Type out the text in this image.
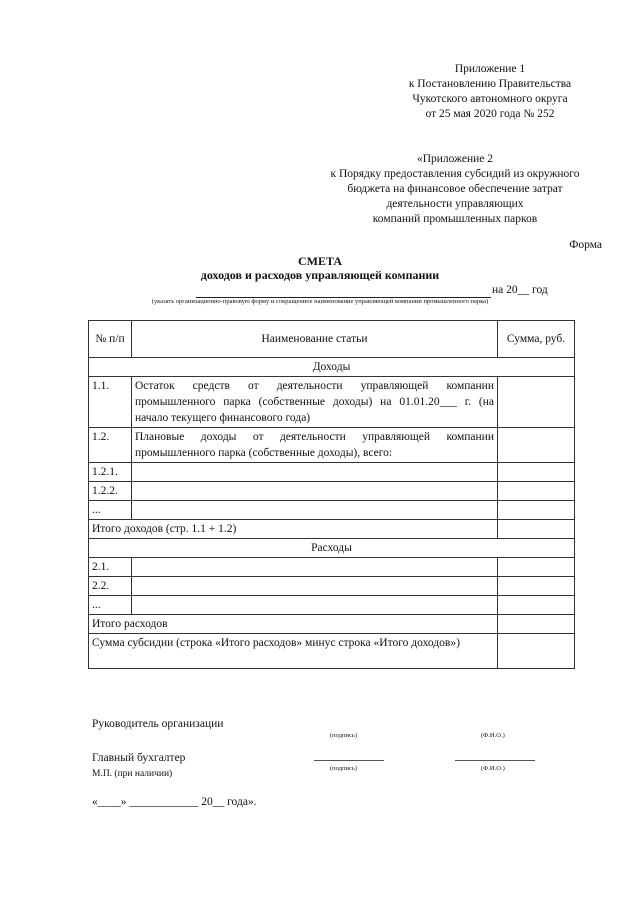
Приложение 1
к Постановлению Правительства
Чукотского автономного округа
от 25 мая 2020 года № 252
«Приложение 2
к Порядку предоставления субсидий из окружного
бюджета на финансовое обеспечение затрат
деятельности управляющих
компаний промышленных парков
Форма
СМЕТА
доходов и расходов управляющей компании
на 20__ год
(указать организационно-правовую форму и сокращенное наименование управляющей компании промышленного парка)
№ п/п	Наименование статьи	Сумма, руб.
Доходы		
1.1.	Остаток средств от деятельности управляющей компании промышленного парка (собственные доходы) на 01.01.20___ г. (на начало текущего финансового года)	
1.2.	Плановые доходы от деятельности управляющей компании промышленного парка (собственные доходы), всего:	
1.2.1.		
1.2.2.		
...		
Итого доходов (стр. 1.1 + 1.2)		
Расходы		
2.1.		
2.2.		
...		
Итого расходов		
Сумма субсидии (строка «Итого расходов» минус строка «Итого доходов»)		
Руководитель организации
(подпись)	(Ф.И.О.)
Главный бухгалтер
(подпись)	(Ф.И.О.)
М.П. (при наличии)
«____» ____________ 20__ года».
